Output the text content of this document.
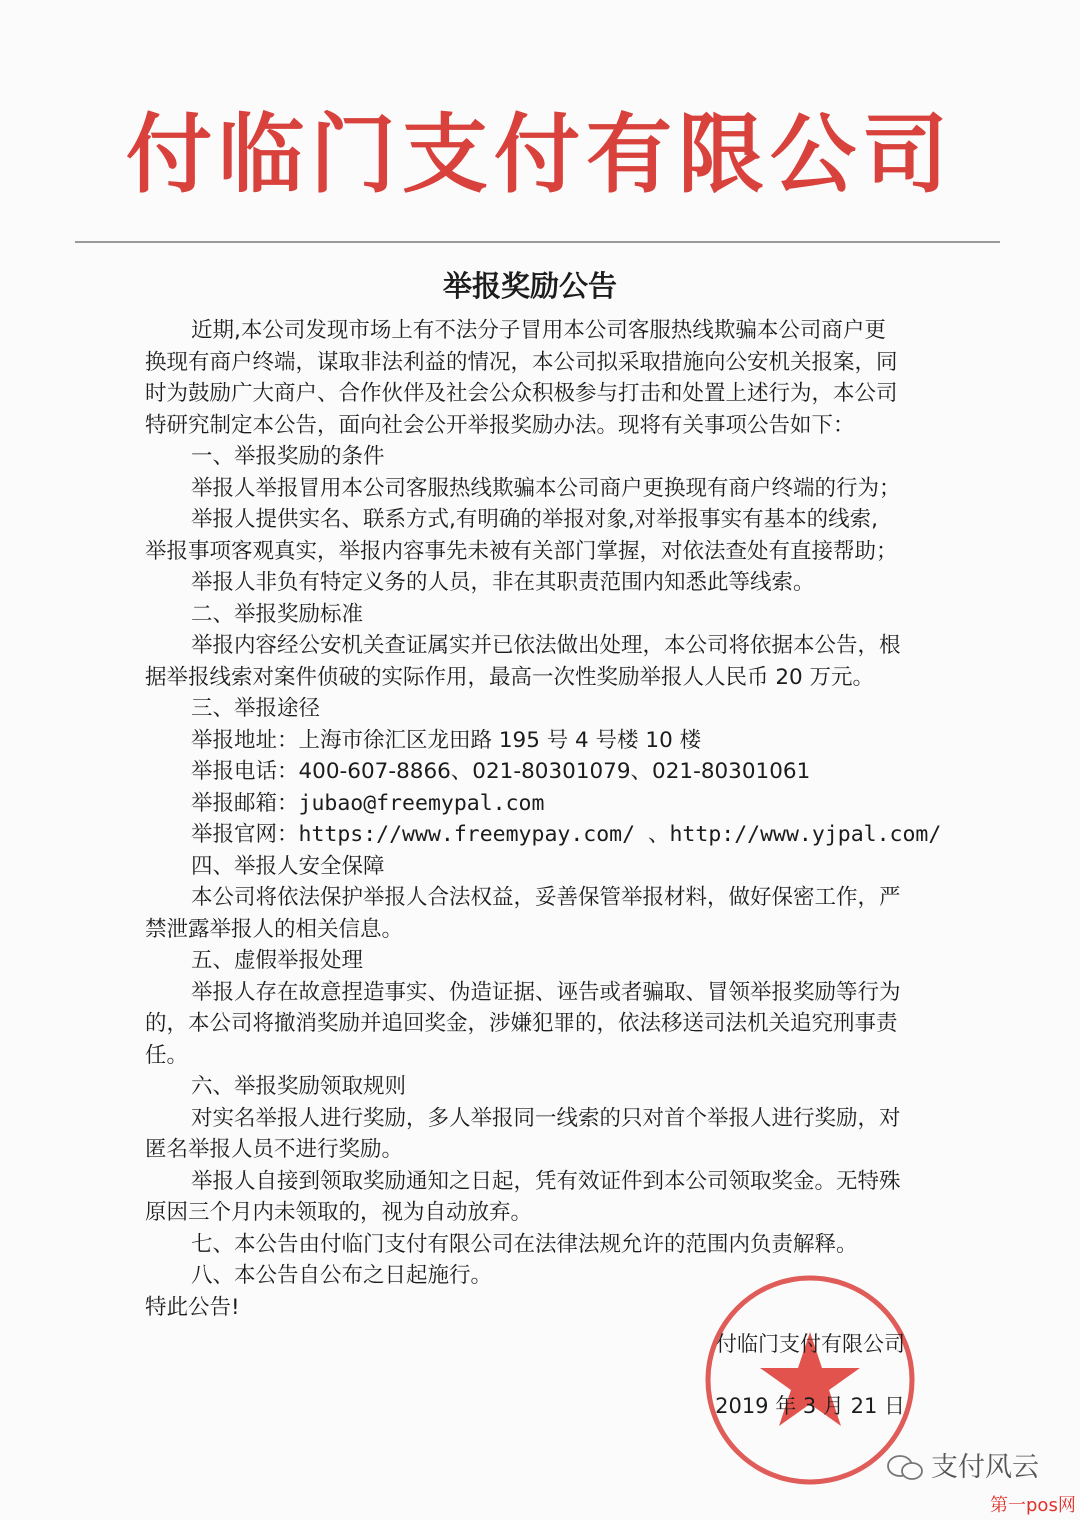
付临门支付有限公司
举报奖励公告
近期,本公司发现市场上有不法分子冒用本公司客服热线欺骗本公司商户更
换现有商户终端，谋取非法利益的情况，本公司拟采取措施向公安机关报案，同
时为鼓励广大商户、合作伙伴及社会公众积极参与打击和处置上述行为，本公司
特研究制定本公告，面向社会公开举报奖励办法。现将有关事项公告如下：
一、举报奖励的条件
举报人举报冒用本公司客服热线欺骗本公司商户更换现有商户终端的行为；
举报人提供实名、联系方式,有明确的举报对象,对举报事实有基本的线索,
举报事项客观真实，举报内容事先未被有关部门掌握，对依法查处有直接帮助；
举报人非负有特定义务的人员，非在其职责范围内知悉此等线索。
二、举报奖励标准
举报内容经公安机关查证属实并已依法做出处理，本公司将依据本公告，根
据举报线索对案件侦破的实际作用，最高一次性奖励举报人人民币 20 万元。
三、举报途径
举报地址：上海市徐汇区龙田路 195 号 4 号楼 10 楼
举报电话：400-607-8866、021-80301079、021-80301061
举报邮箱：jubao@freemypal.com
举报官网：https://www.freemypay.com/ 、http://www.yjpal.com/
四、举报人安全保障
本公司将依法保护举报人合法权益，妥善保管举报材料，做好保密工作，严
禁泄露举报人的相关信息。
五、虚假举报处理
举报人存在故意捏造事实、伪造证据、诬告或者骗取、冒领举报奖励等行为
的，本公司将撤消奖励并追回奖金，涉嫌犯罪的，依法移送司法机关追究刑事责
任。
六、举报奖励领取规则
对实名举报人进行奖励，多人举报同一线索的只对首个举报人进行奖励，对
匿名举报人员不进行奖励。
举报人自接到领取奖励通知之日起，凭有效证件到本公司领取奖金。无特殊
原因三个月内未领取的，视为自动放弃。
七、本公告由付临门支付有限公司在法律法规允许的范围内负责解释。
八、本公告自公布之日起施行。
特此公告!
付临门支付有限公司
2019 年 3 月 21 日
支付风云
第一pos网
